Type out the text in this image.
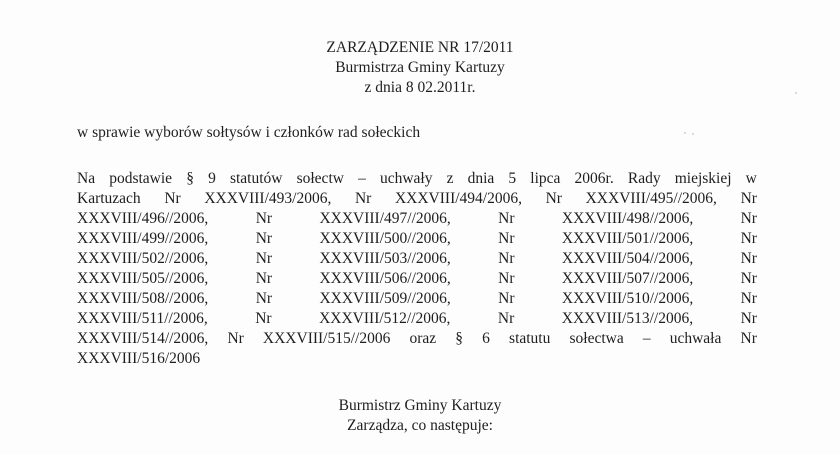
ZARZĄDZENIE NR 17/2011
Burmistrza Gminy Kartuzy
z dnia 8 02.2011r.
w sprawie wyborów sołtysów i członków rad sołeckich
Na podstawie § 9 statutów sołectw – uchwały z dnia 5 lipca 2006r. Rady miejskiej w
Kartuzach Nr XXXVIII/493/2006, Nr XXXVIII/494/2006, Nr XXXVIII/495//2006, Nr
XXXVIII/496//2006,	Nr	XXXVIII/497//2006,	Nr	XXXVIII/498//2006,	Nr
XXXVIII/499//2006,	Nr	XXXVIII/500//2006,	Nr	XXXVIII/501//2006,	Nr
XXXVIII/502//2006,	Nr	XXXVIII/503//2006,	Nr	XXXVIII/504//2006,	Nr
XXXVIII/505//2006,	Nr	XXXVIII/506//2006,	Nr	XXXVIII/507//2006,	Nr
XXXVIII/508//2006,	Nr	XXXVIII/509//2006,	Nr	XXXVIII/510//2006,	Nr
XXXVIII/511//2006,	Nr	XXXVIII/512//2006,	Nr	XXXVIII/513//2006,	Nr
XXXVIII/514//2006, Nr XXXVIII/515//2006 oraz § 6 statutu sołectwa – uchwała Nr
XXXVIII/516/2006
Burmistrz Gminy Kartuzy
Zarządza, co następuje:
